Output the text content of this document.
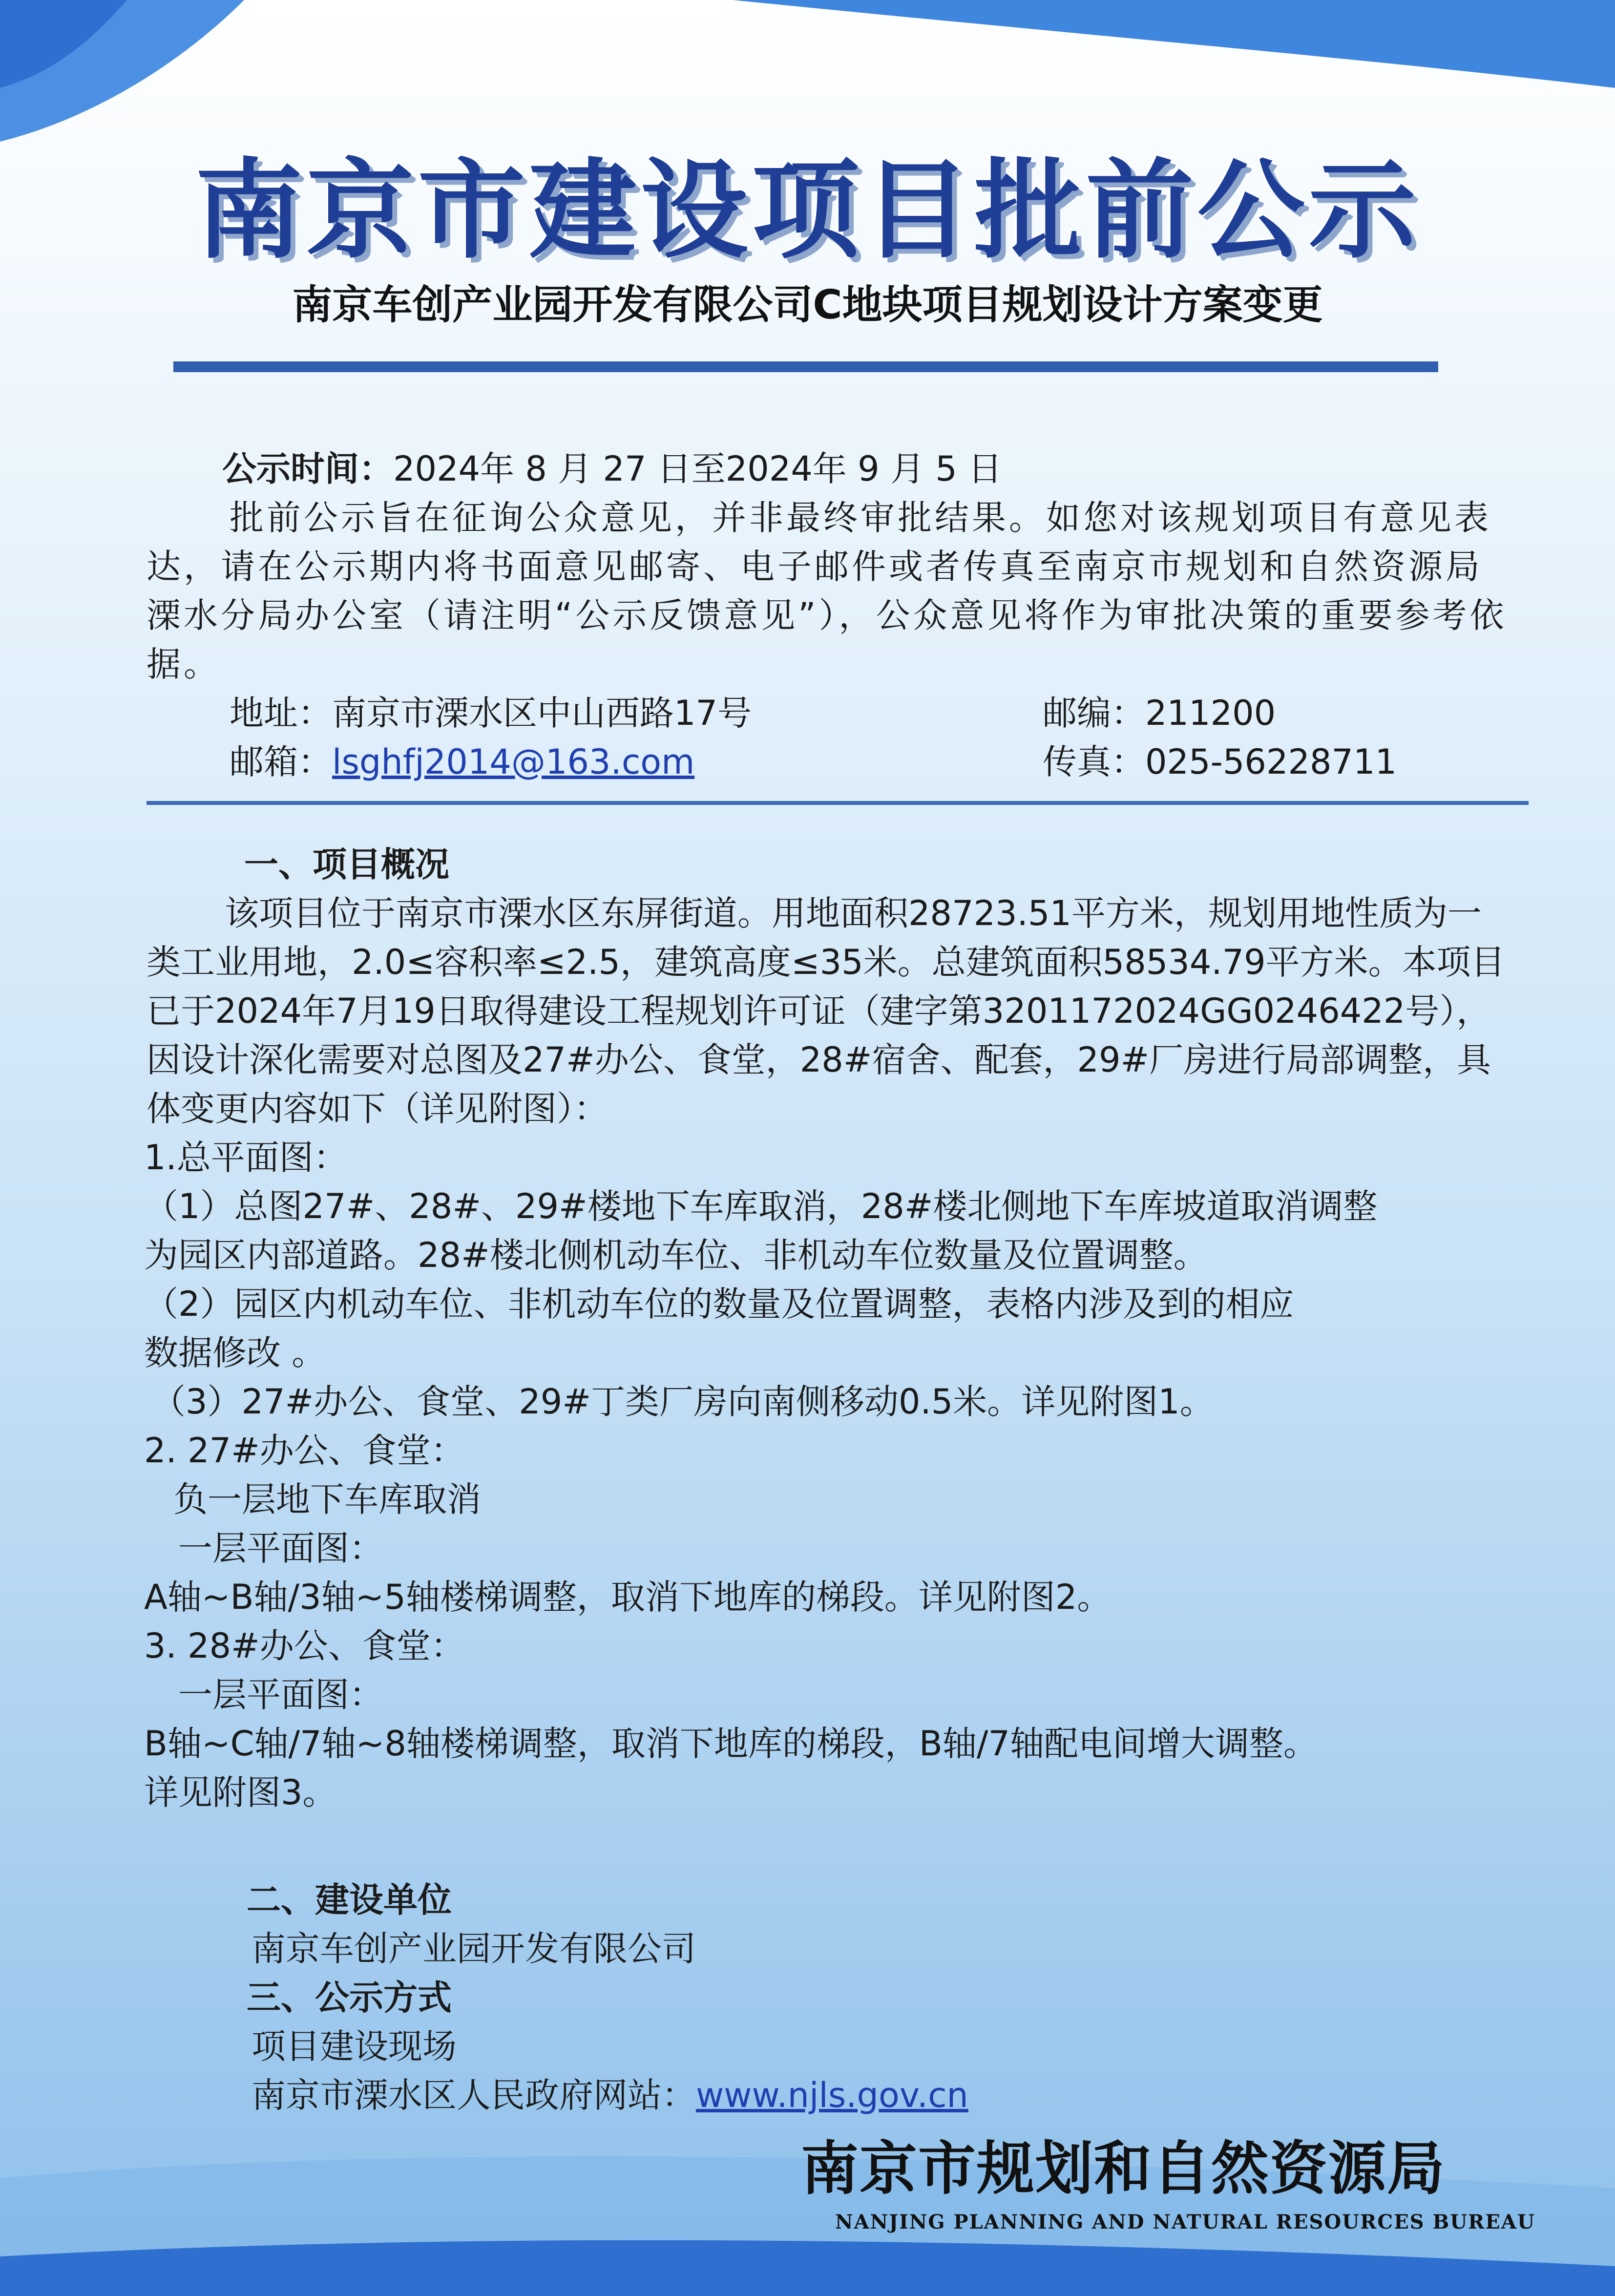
南京市建设项目批前公示
南京车创产业园开发有限公司C地块项目规划设计方案变更
公示时间：2024年 8 月 27 日至2024年 9 月 5 日
批前公示旨在征询公众意见，并非最终审批结果。如您对该规划项目有意见表达，请在公示期内将书面意见邮寄、电子邮件或者传真至南京市规划和自然资源局溧水分局办公室（请注明“公示反馈意见”），公众意见将作为审批决策的重要参考依据。
地址：南京市溧水区中山西路17号	邮编：211200
邮箱：lsghfj2014@163.com	传真：025-56228711
一、项目概况
该项目位于南京市溧水区东屏街道。用地面积28723.51平方米，规划用地性质为一类工业用地，2.0≤容积率≤2.5，建筑高度≤35米。总建筑面积58534.79平方米。本项目已于2024年7月19日取得建设工程规划许可证（建字第3201172024GG0246422号），因设计深化需要对总图及27#办公、食堂，28#宿舍、配套，29#厂房进行局部调整，具体变更内容如下（详见附图）：
1.总平面图：
（1）总图27#、28#、29#楼地下车库取消，28#楼北侧地下车库坡道取消调整
为园区内部道路。28#楼北侧机动车位、非机动车位数量及位置调整。
（2）园区内机动车位、非机动车位的数量及位置调整，表格内涉及到的相应
数据修改 。
（3）27#办公、食堂、29#丁类厂房向南侧移动0.5米。详见附图1。
2. 27#办公、食堂：
负一层地下车库取消
一层平面图：
A轴~B轴/3轴~5轴楼梯调整，取消下地库的梯段。详见附图2。
3. 28#办公、食堂：
一层平面图：
B轴~C轴/7轴~8轴楼梯调整，取消下地库的梯段，B轴/7轴配电间增大调整。
详见附图3。
二、建设单位
南京车创产业园开发有限公司
三、公示方式
项目建设现场
南京市溧水区人民政府网站：www.njls.gov.cn
南京市规划和自然资源局
NANJING PLANNING AND NATURAL RESOURCES BUREAU
